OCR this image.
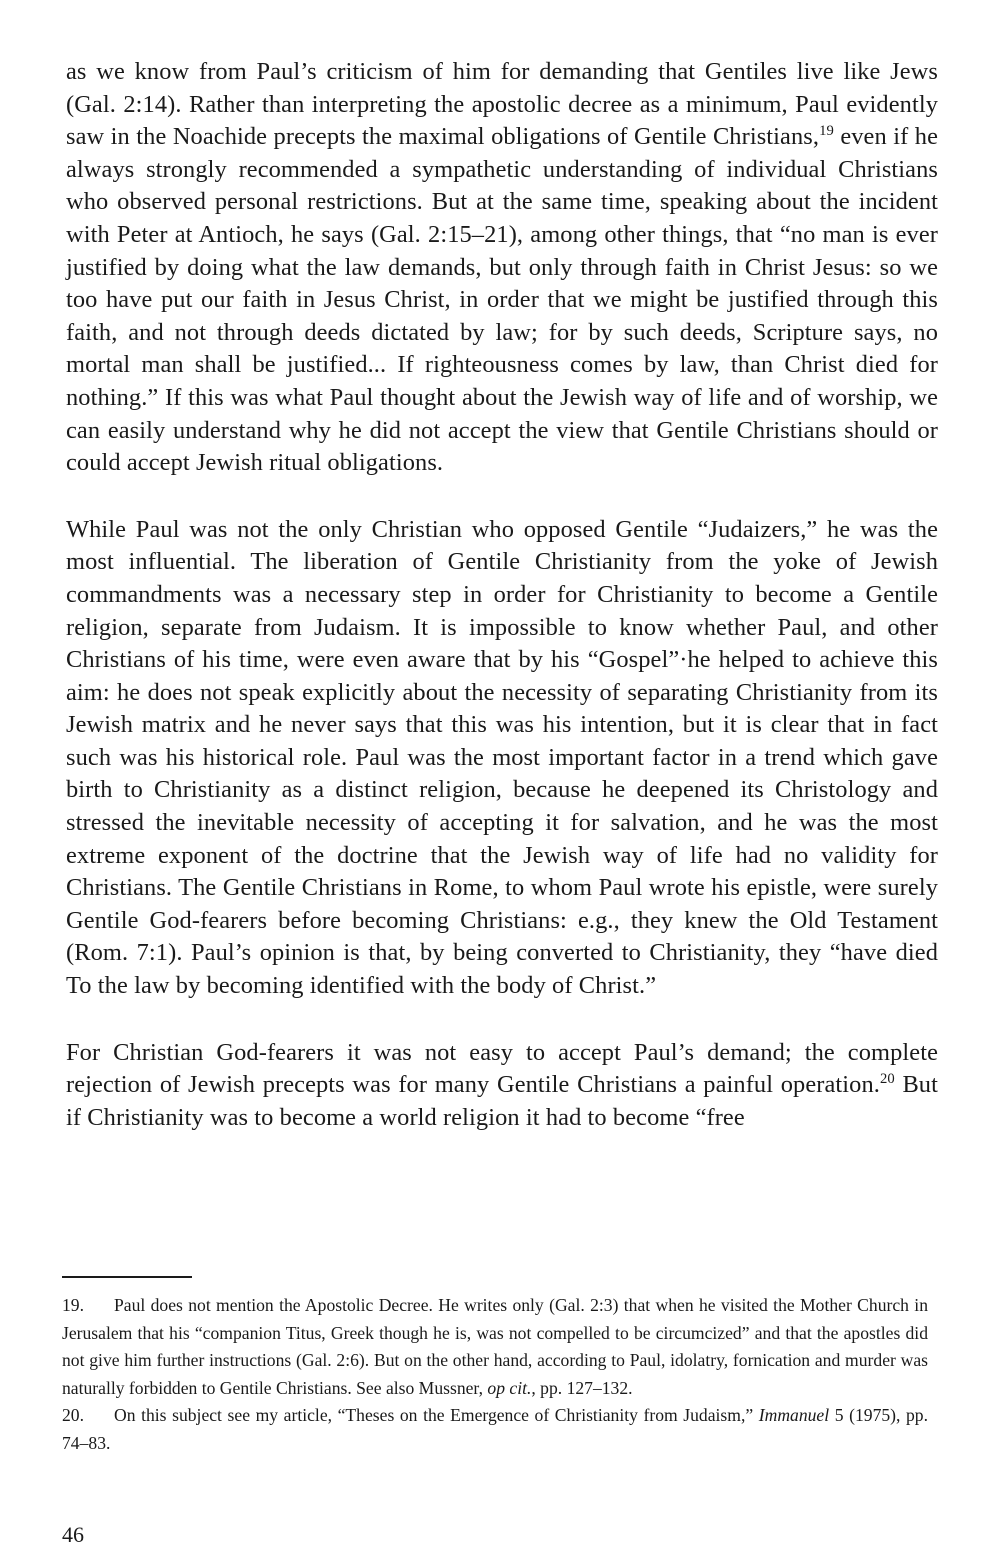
as we know from Paul’s criticism of him for demanding that Gentiles live like Jews (Gal. 2:14). Rather than interpreting the apostolic decree as a minimum, Paul evidently saw in the Noachide precepts the maximal obligations of Gentile Christians,$^{19}$ even if he always strongly recommended a sympathetic understanding of individual Christians who observed personal restrictions. But at the same time, speaking about the incident with Peter at Antioch, he says (Gal. 2:15–21), among other things, that “no man is ever justified by doing what the law demands, but only through faith in Christ Jesus: so we too have put our faith in Jesus Christ, in order that we might be justified through this faith, and not through deeds dictated by law; for by such deeds, Scripture says, no mortal man shall be justified... If righteousness comes by law, than Christ died for nothing.” If this was what Paul thought about the Jewish way of life and of worship, we can easily understand why he did not accept the view that Gentile Christians should or could accept Jewish ritual obligations.

While Paul was not the only Christian who opposed Gentile “Judaizers,” he was the most influential. The liberation of Gentile Christianity from the yoke of Jewish commandments was a necessary step in order for Christianity to become a Gentile religion, separate from Judaism. It is impossible to know whether Paul, and other Christians of his time, were even aware that by his “Gospel”·he helped to achieve this aim: he does not speak explicitly about the necessity of separating Christianity from its Jewish matrix and he never says that this was his intention, but it is clear that in fact such was his historical role. Paul was the most important factor in a trend which gave birth to Christianity as a distinct religion, because he deepened its Christology and stressed the inevitable necessity of accepting it for salvation, and he was the most extreme exponent of the doctrine that the Jewish way of life had no validity for Christians. The Gentile Christians in Rome, to whom Paul wrote his epistle, were surely Gentile God-fearers before becoming Christians: e.g., they knew the Old Testament (Rom. 7:1). Paul’s opinion is that, by being converted to Christianity, they “have died To the law by becoming identified with the body of Christ.”

For Christian God-fearers it was not easy to accept Paul’s demand; the complete rejection of Jewish precepts was for many Gentile Christians a painful operation.$^{20}$ But if Christianity was to become a world religion it had to become “free

19. Paul does not mention the Apostolic Decree. He writes only (Gal. 2:3) that when he visited the Mother Church in Jerusalem that his “companion Titus, Greek though he is, was not compelled to be circumcized” and that the apostles did not give him further instructions (Gal. 2:6). But on the other hand, according to Paul, idolatry, fornication and murder was naturally forbidden to Gentile Christians. See also Mussner, op cit., pp. 127–132.

20. On this subject see my article, “Theses on the Emergence of Christianity from Judaism,” Immanuel 5 (1975), pp. 74–83.

46
